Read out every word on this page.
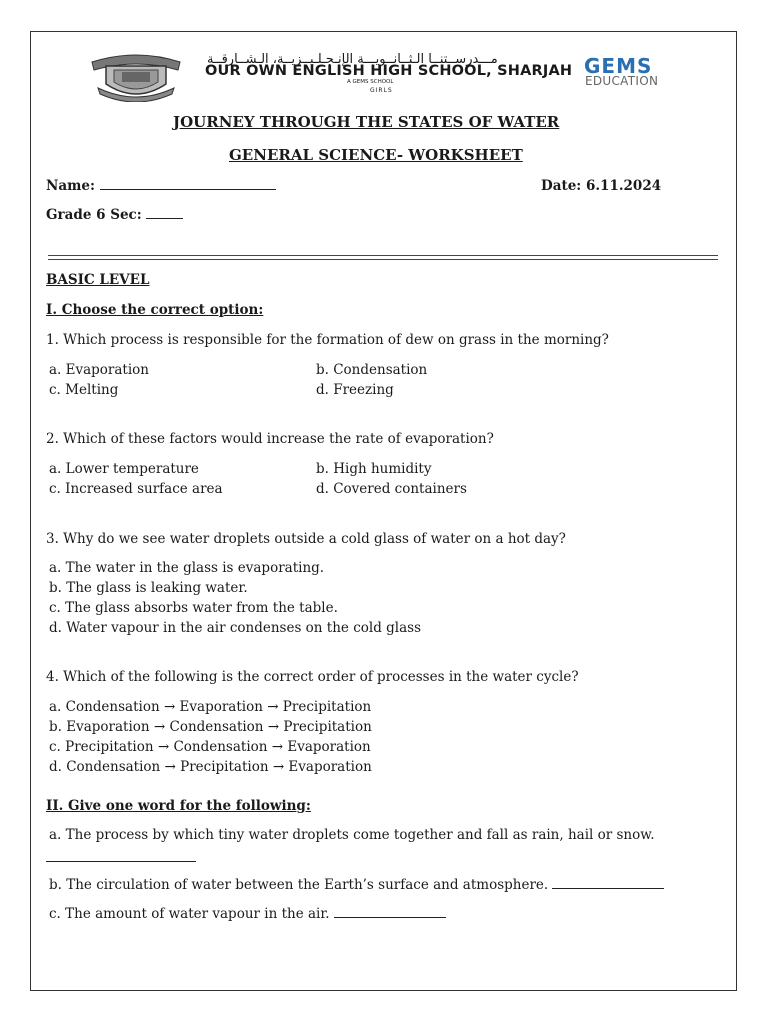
مـــدرســتنــا الـثــانــويـــة الإنـجـلـيــزيــة، الـشــارقــة
OUR OWN ENGLISH HIGH SCHOOL, SHARJAH
A GEMS SCHOOL
GIRLS
GEMS
EDUCATION
JOURNEY THROUGH THE STATES OF WATER
GENERAL SCIENCE- WORKSHEET
Name:	Date: 6.11.2024
Grade 6 Sec:
BASIC LEVEL
I. Choose the correct option:
1. Which process is responsible for the formation of dew on grass in the morning?
a. Evaporation	b. Condensation
c. Melting	d. Freezing
2. Which of these factors would increase the rate of evaporation?
a. Lower temperature	b. High humidity
c. Increased surface area	d. Covered containers
3. Why do we see water droplets outside a cold glass of water on a hot day?
a. The water in the glass is evaporating.
b. The glass is leaking water.
c. The glass absorbs water from the table.
d. Water vapour in the air condenses on the cold glass
4. Which of the following is the correct order of processes in the water cycle?
a. Condensation → Evaporation → Precipitation
b. Evaporation → Condensation → Precipitation
c. Precipitation → Condensation → Evaporation
d. Condensation → Precipitation → Evaporation
II. Give one word for the following:
a. The process by which tiny water droplets come together and fall as rain, hail or snow.
b. The circulation of water between the Earth’s surface and atmosphere.
c. The amount of water vapour in the air.
